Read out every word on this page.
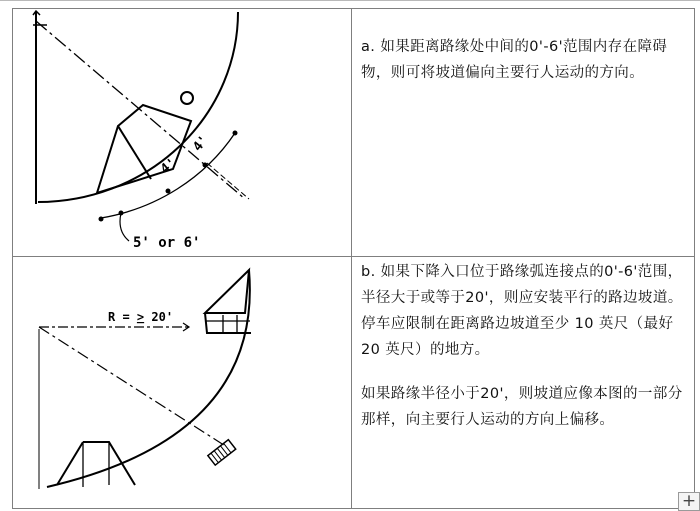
4'
4'
5' or 6'	a. 如果距离路缘处中间的0'-6'范围内存在障碍物，则可将坡道偏向主要行人运动的方向。

R = > 20'	b. 如果下降入口位于路缘弧连接点的0'-6'范围，半径大于或等于20'，则应安装平行的路边坡道。停车应限制在距离路边坡道至少 10 英尺（最好 20 英尺）的地方。

如果路缘半径小于20'，则坡道应像本图的一部分那样，向主要行人运动的方向上偏移。

+
